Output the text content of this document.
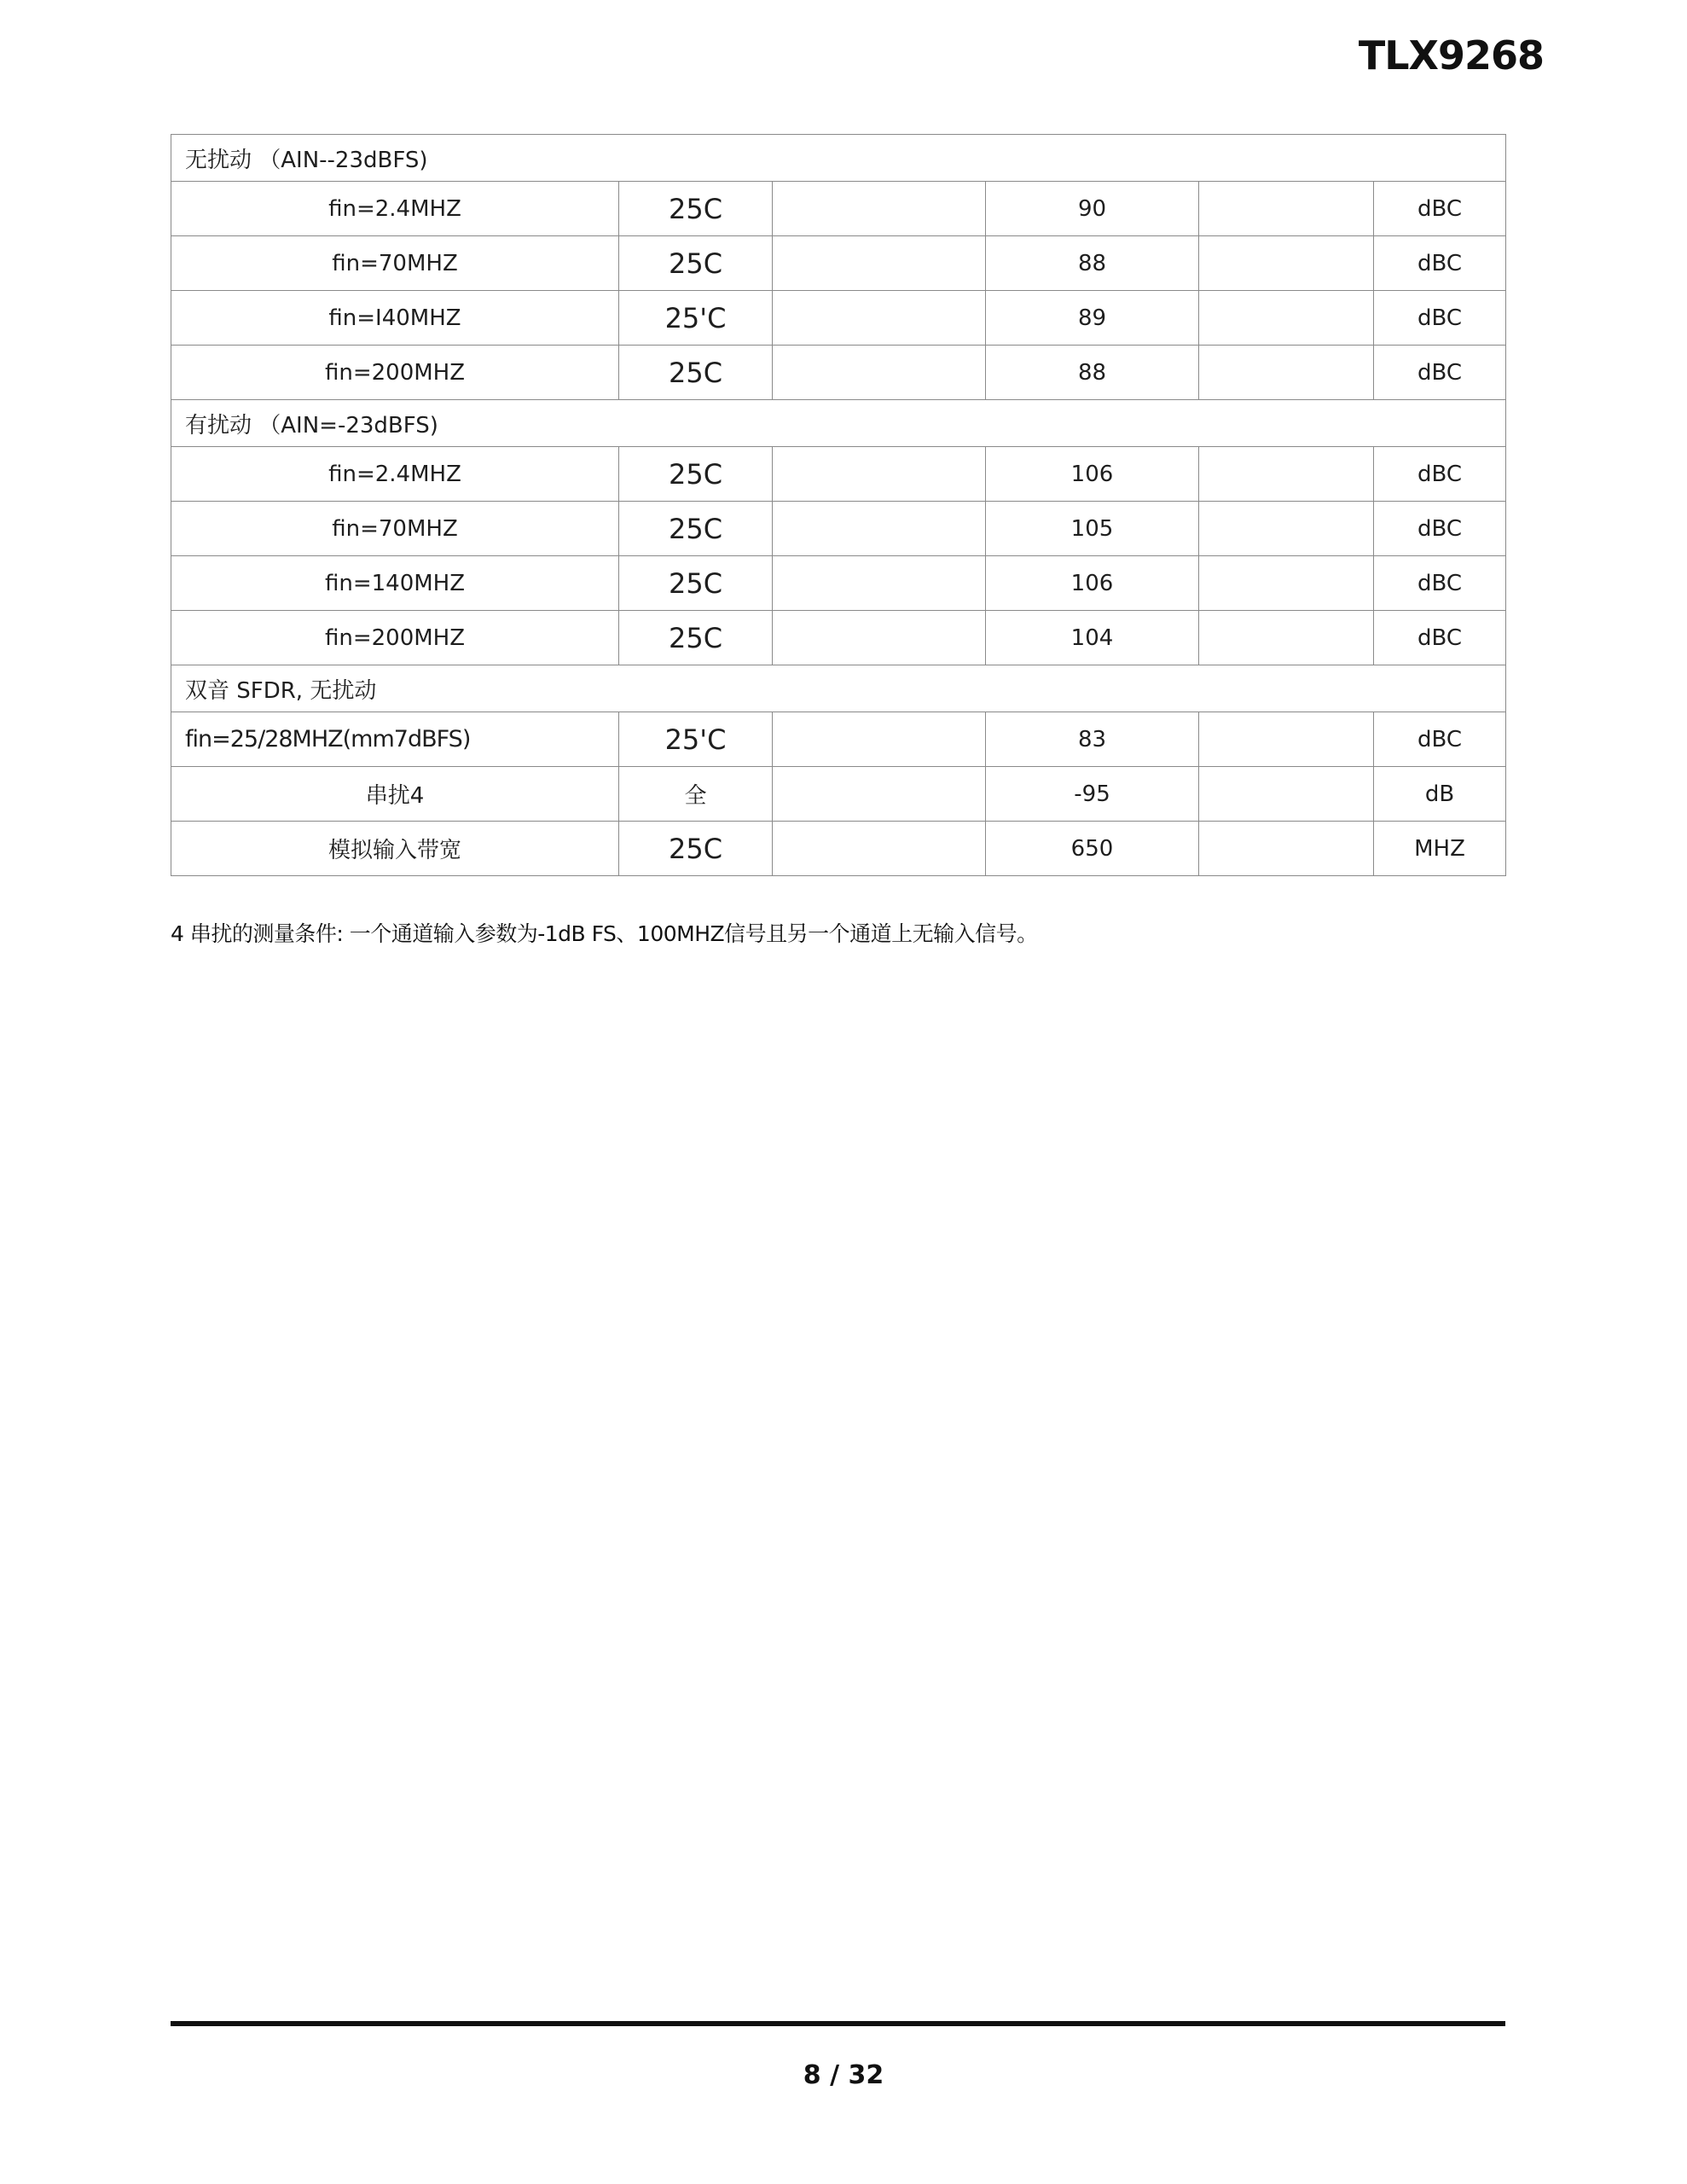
TLX9268
无扰动 （AIN--23dBFS)					
fin=2.4MHZ	25C		90		dBC
fin=70MHZ	25C		88		dBC
fin=I40MHZ	25'C		89		dBC
fin=200MHZ	25C		88		dBC
有扰动 （AIN=-23dBFS)					
fin=2.4MHZ	25C		106		dBC
fin=70MHZ	25C		105		dBC
fin=140MHZ	25C		106		dBC
fin=200MHZ	25C		104		dBC
双音 SFDR, 无扰动					
fin=25/28MHZ(mm7dBFS)	25'C		83		dBC
串扰4	全		-95		dB
模拟输入带宽	25C		650		MHZ
4 串扰的测量条件: 一个通道输入参数为-1dB FS、100MHZ信号且另一个通道上无输入信号。
8 / 32
